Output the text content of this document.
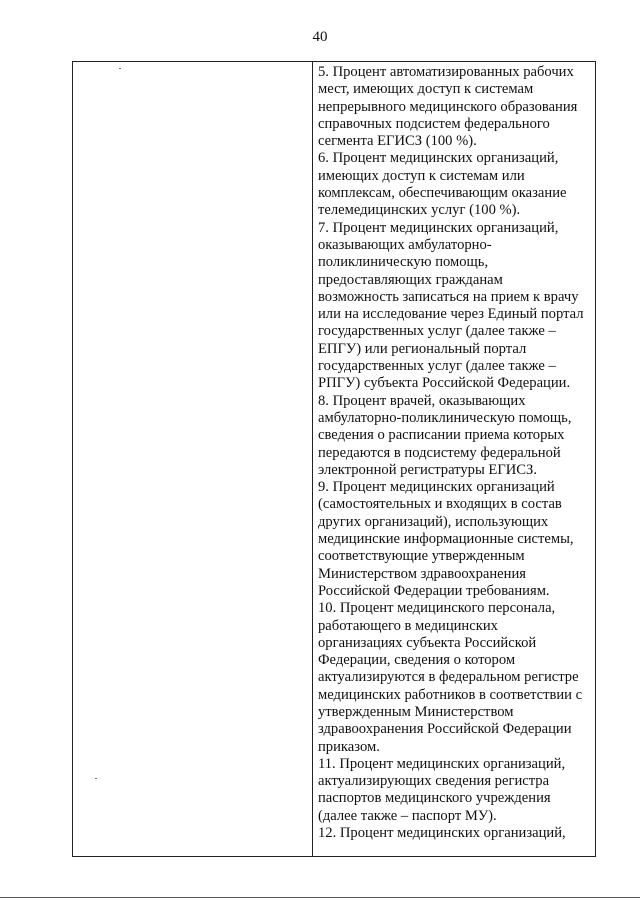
40
5. Процент автоматизированных рабочих
мест, имеющих доступ к системам
непрерывного медицинского образования
справочных подсистем федерального
сегмента ЕГИСЗ (100 %).
6. Процент медицинских организаций,
имеющих доступ к системам или
комплексам, обеспечивающим оказание
телемедицинских услуг (100 %).
7. Процент медицинских организаций,
оказывающих амбулаторно-
поликлиническую помощь,
предоставляющих гражданам
возможность записаться на прием к врачу
или на исследование через Единый портал
государственных услуг (далее также –
ЕПГУ) или региональный портал
государственных услуг (далее также –
РПГУ) субъекта Российской Федерации.
8. Процент врачей, оказывающих
амбулаторно-поликлиническую помощь,
сведения о расписании приема которых
передаются в подсистему федеральной
электронной регистратуры ЕГИСЗ.
9. Процент медицинских организаций
(самостоятельных и входящих в состав
других организаций), использующих
медицинские информационные системы,
соответствующие утвержденным
Министерством здравоохранения
Российской Федерации требованиям.
10. Процент медицинского персонала,
работающего в медицинских
организациях субъекта Российской
Федерации, сведения о котором
актуализируются в федеральном регистре
медицинских работников в соответствии с
утвержденным Министерством
здравоохранения Российской Федерации
приказом.
11. Процент медицинских организаций,
актуализирующих сведения регистра
паспортов медицинского учреждения
(далее также – паспорт МУ).
12. Процент медицинских организаций,
